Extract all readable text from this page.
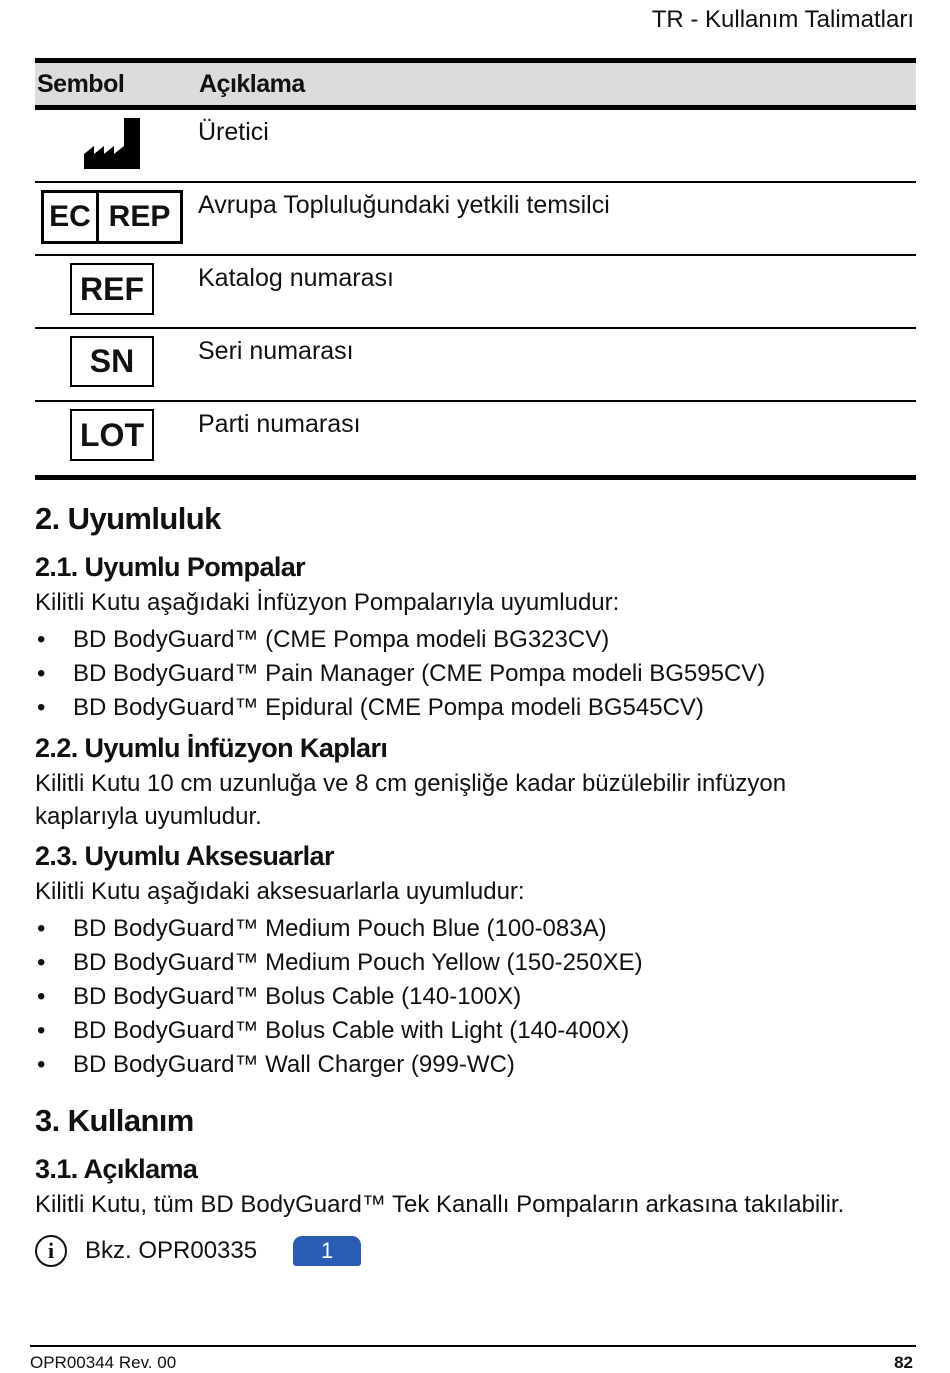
TR - Kullanım Talimatları
Sembol	Açıklama
Üretici
EC REP	Avrupa Topluluğundaki yetkili temsilci
REF Katalog numarası
SN	Seri numarası
LOT Parti numarası
2. Uyumluluk
2.1. Uyumlu Pompalar

Kilitli Kutu aşağıdaki İnfüzyon Pompalarıyla uyumludur:

• BD BodyGuard™ (CME Pompa modeli BG323CV)
• BD BodyGuard™ Pain Manager (CME Pompa modeli BG595CV)
• BD BodyGuard™ Epidural (CME Pompa modeli BG545CV)
2.2. Uyumlu İnfüzyon Kapları

Kilitli Kutu 10 cm uzunluğa ve 8 cm genişliğe kadar büzülebilir infüzyon
kaplarıyla uyumludur.

2.3. Uyumlu Aksesuarlar

Kilitli Kutu aşağıdaki aksesuarlarla uyumludur:

• BD BodyGuard™ Medium Pouch Blue (100-083A)
• BD BodyGuard™ Medium Pouch Yellow (150-250XE)
• BD BodyGuard™ Bolus Cable (140-100X)
• BD BodyGuard™ Bolus Cable with Light (140-400X)
• BD BodyGuard™ Wall Charger (999-WC)
3. Kullanım
3.1. Açıklama

Kilitli Kutu, tüm BD BodyGuard™ Tek Kanallı Pompaların arkasına takılabilir.

i	Bkz. OPR00335	1
OPR00344 Rev. 00	82
